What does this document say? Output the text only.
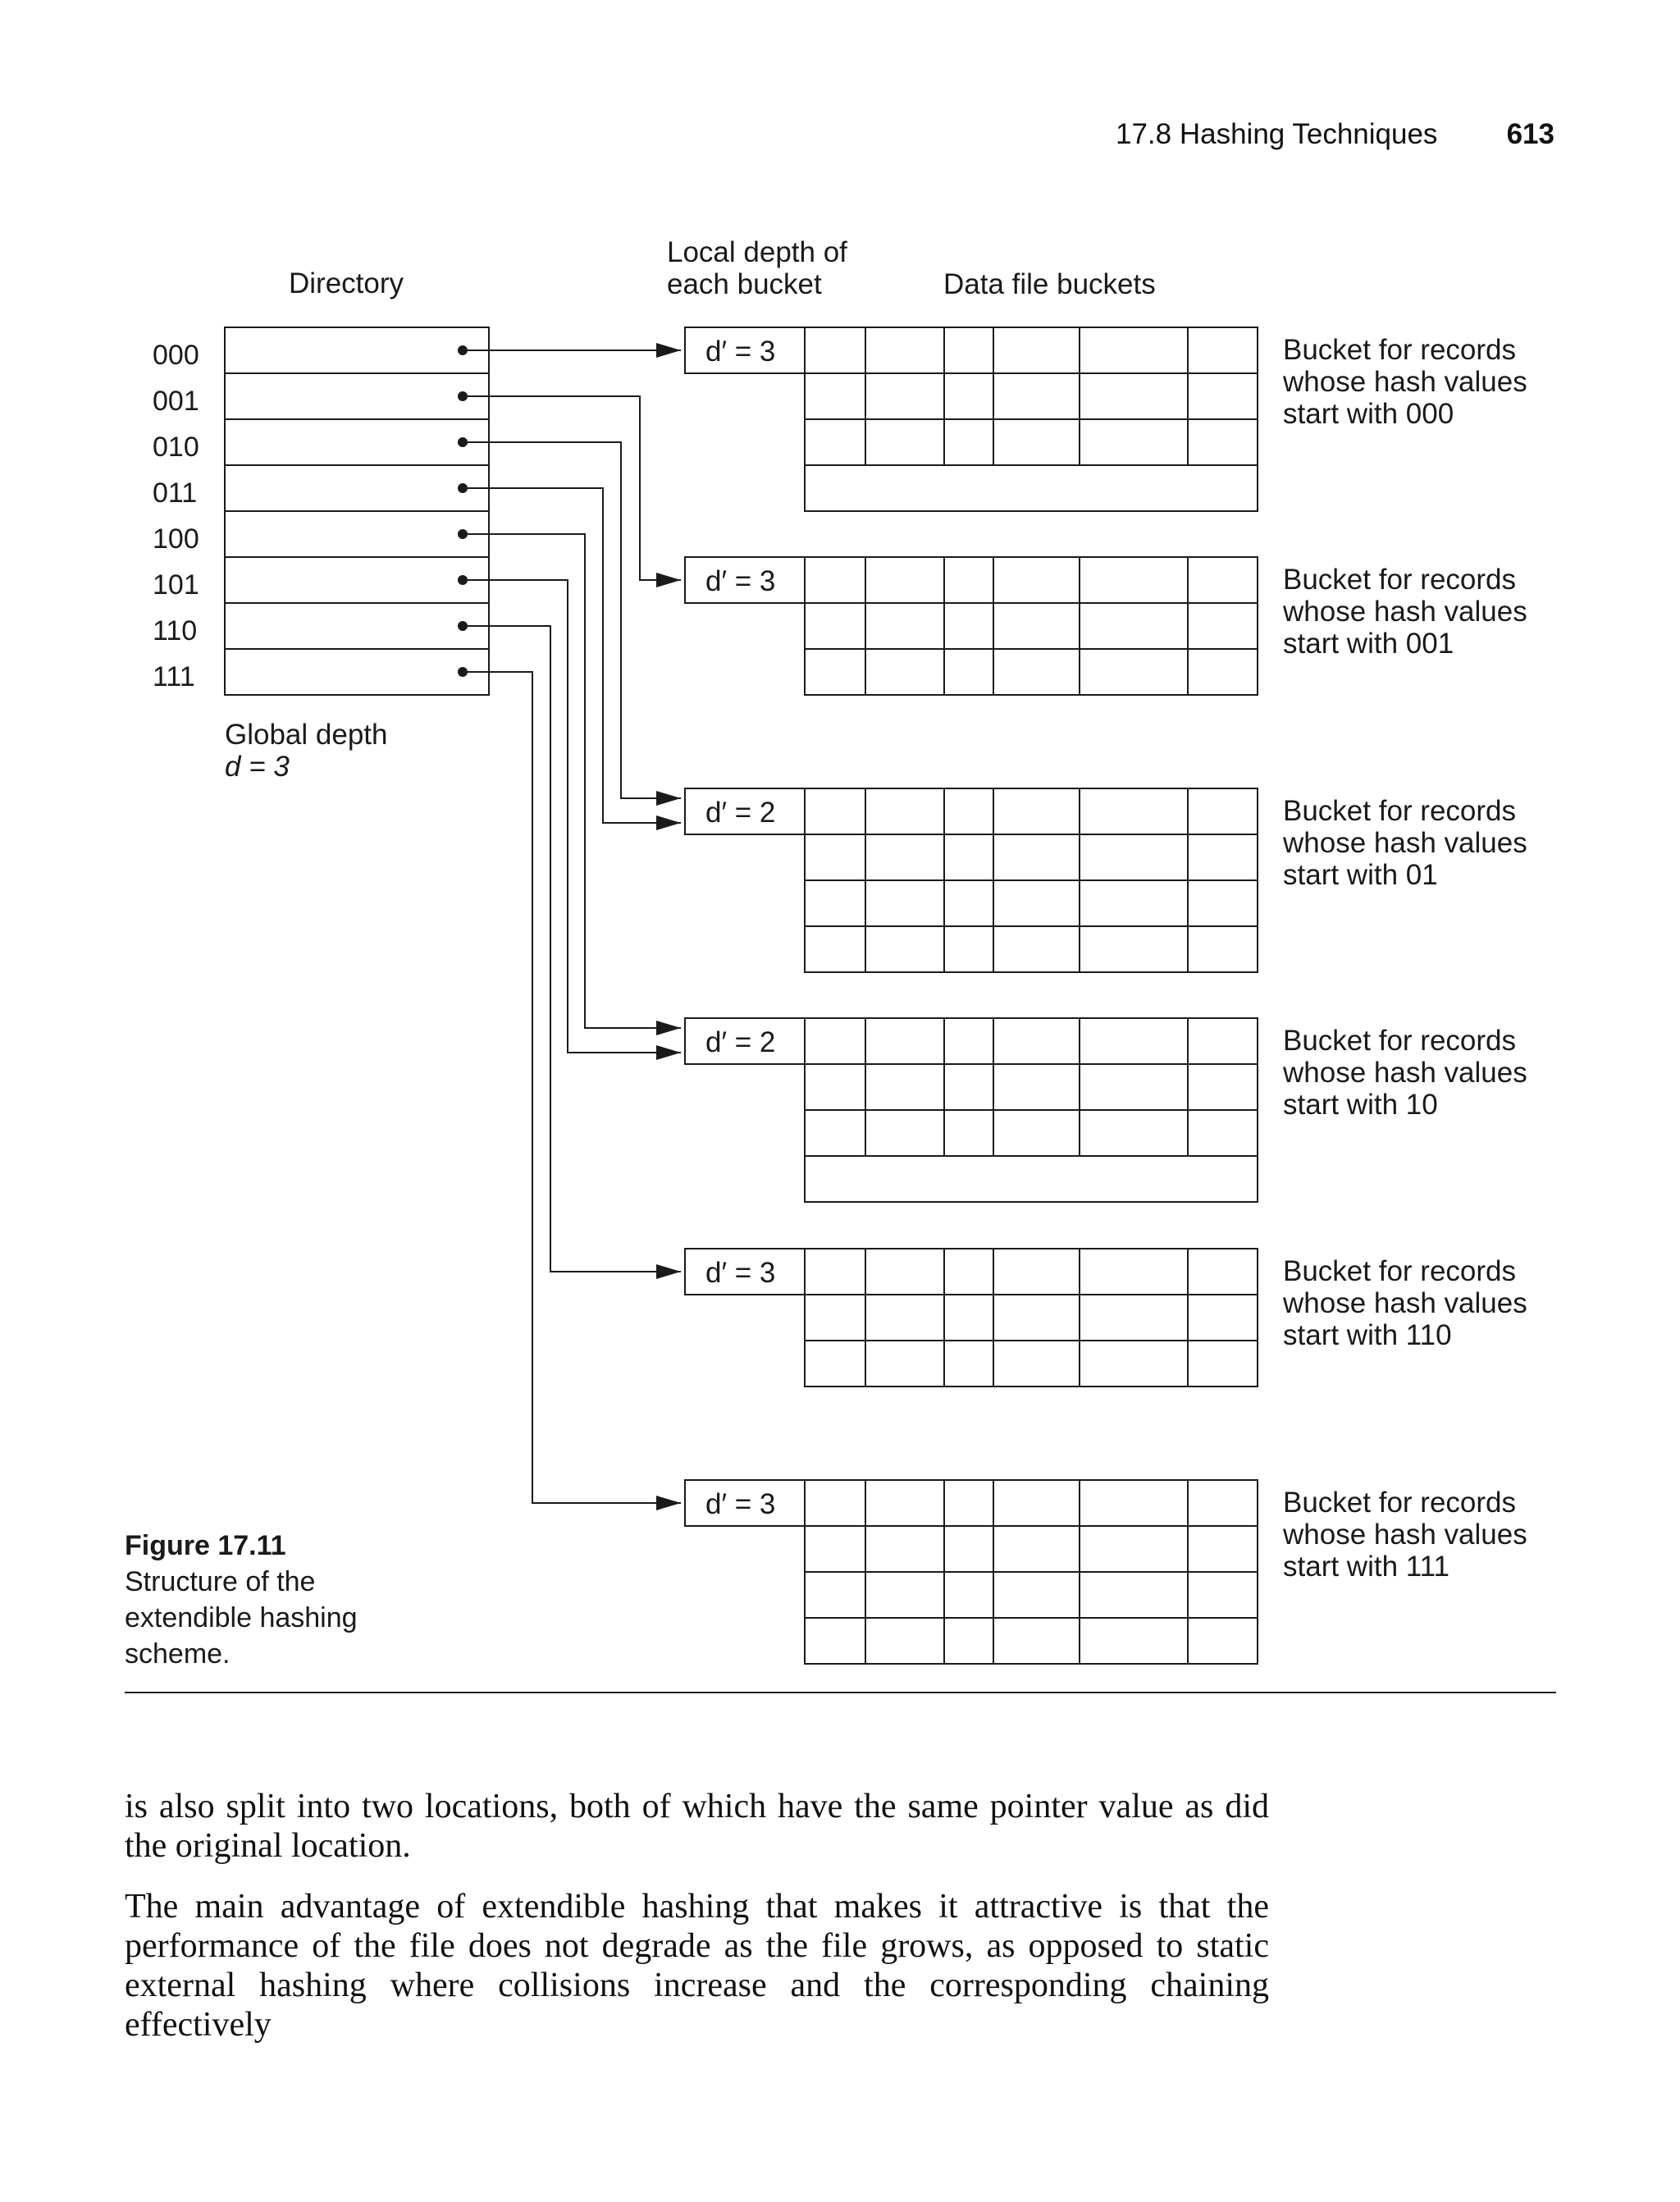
17.8 Hashing Techniques 613
Directory
Local depth of
each bucket	Data file buckets
000
001
010
011
100
101
110
111
Global depth
d = 3
d′ = 3	Bucket for records
whose hash values
start with 000
d′ = 3	Bucket for records
whose hash values
start with 001
d′ = 2	Bucket for records
whose hash values
start with 01
d′ = 2	Bucket for records
whose hash values
start with 10
d′ = 3	Bucket for records
whose hash values
start with 110
d′ = 3	Bucket for records
whose hash values
start with 111
Figure 17.11
Structure of the extendible hashing scheme.

is also split into two locations, both of which have the same pointer value as did the original location.

The main advantage of extendible hashing that makes it attractive is that the performance of the file does not degrade as the file grows, as opposed to static external hashing where collisions increase and the corresponding chaining effectively
